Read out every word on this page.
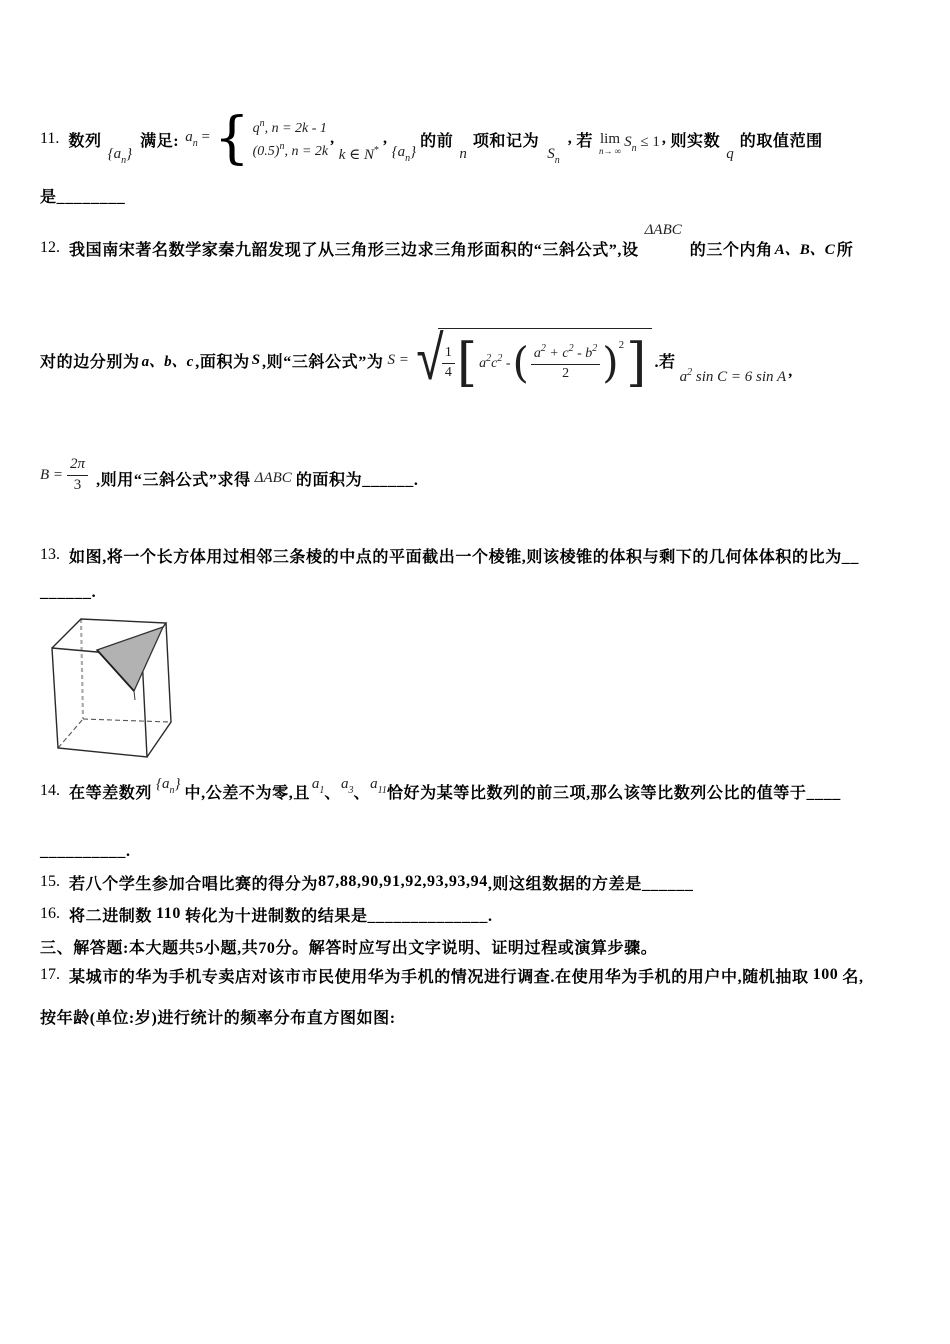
11. 数列
$\{a_n\}$
满足: $a_n$ = { $q^n$, n = 2k - 1
$(0.5)^n$, n = 2k
,
k ∈ N*
,
$\{a_n\}$
的前
n
项和记为
$S_n$
, 若 lim
n→ ∞
$S_n \le 1$ , 则实数
q
的取值范围
是________
12. 我国南宋著名数学家秦九韶发现了从三角形三边求三角形面积的“三斜公式”,设
ΔABC
的三个内角 A、B、C 所
对的边分别为 a、b、c ,面积为 S ,则“三斜公式”为 S = √
$\frac{1}{4}$ [ $a^2c^2$ - ( $\frac{a^2 + c^2 - b^2}{2}$ ) 2 ] .若
$a^2$ sin C = 6 sin A ,
$B = \frac{2\pi}{3}$ ,则用“三斜公式”求得 ΔABC 的面积为______.
13. 如图,将一个长方体用过相邻三条棱的中点的平面截出一个棱锥,则该棱锥的体积与剩下的几何体体积的比为__
______.
14. 在等差数列
$\{a_n\}$
中,公差不为零,且
$a_1$ 、
$a_3$ 、
$a_{11}$ 恰好为某等比数列的前三项,那么该等比数列公比的值等于____
__________.
15. 若八个学生参加合唱比赛的得分为 87,88,90,91,92,93,93,94 ,则这组数据的方差是______
16. 将二进制数 110 转化为十进制数的结果是______________.
三、解答题:本大题共5小题,共70分。解答时应写出文字说明、证明过程或演算步骤。
17. 某城市的华为手机专卖店对该市市民使用华为手机的情况进行调查.在使用华为手机的用户中,随机抽取 100 名,
按年龄(单位:岁)进行统计的频率分布直方图如图:
